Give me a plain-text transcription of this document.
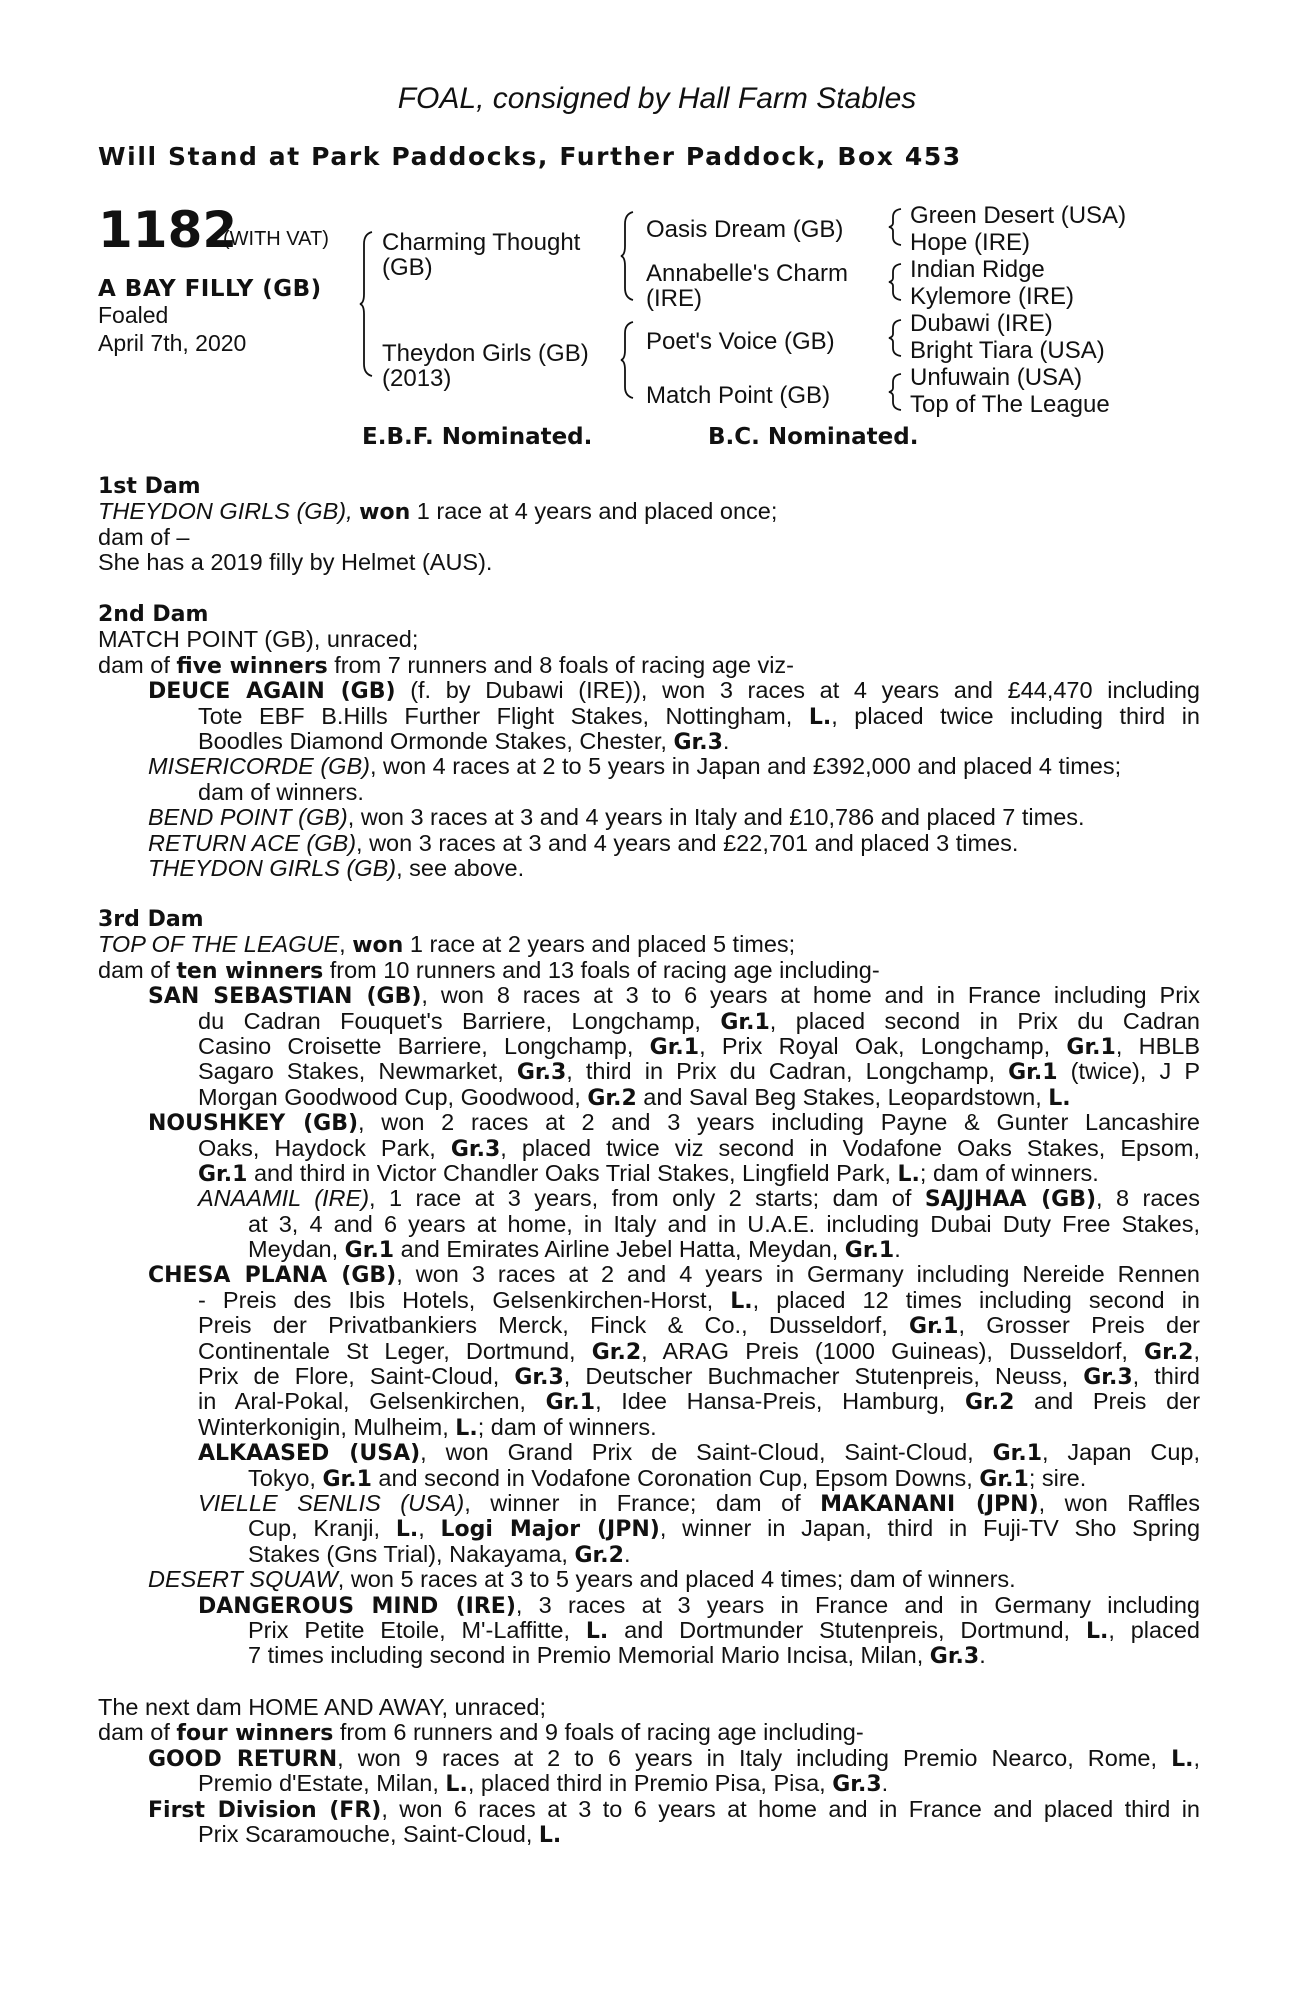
FOAL, consigned by Hall Farm Stables
Will Stand at Park Paddocks, Further Paddock, Box 453
1182
(WITH VAT)
A BAY FILLY (GB)
Foaled
April 7th, 2020
Charming Thought
(GB)
Theydon Girls (GB)
(2013)
Oasis Dream (GB)
Annabelle's Charm
(IRE)
Poet's Voice (GB)
Match Point (GB)
Green Desert (USA)
Hope (IRE)
Indian Ridge
Kylemore (IRE)
Dubawi (IRE)
Bright Tiara (USA)
Unfuwain (USA)
Top of The League
E.B.F. Nominated.	B.C. Nominated.
1st Dam
THEYDON GIRLS (GB), won 1 race at 4 years and placed once;
dam of –
She has a 2019 filly by Helmet (AUS).
2nd Dam
MATCH POINT (GB), unraced;
dam of five winners from 7 runners and 8 foals of racing age viz-
DEUCE AGAIN (GB) (f. by Dubawi (IRE)), won 3 races at 4 years and £44,470 including
Tote EBF B.Hills Further Flight Stakes, Nottingham, L., placed twice including third in
Boodles Diamond Ormonde Stakes, Chester, Gr.3.
MISERICORDE (GB), won 4 races at 2 to 5 years in Japan and £392,000 and placed 4 times;
dam of winners.
BEND POINT (GB), won 3 races at 3 and 4 years in Italy and £10,786 and placed 7 times.
RETURN ACE (GB), won 3 races at 3 and 4 years and £22,701 and placed 3 times.
THEYDON GIRLS (GB), see above.
3rd Dam
TOP OF THE LEAGUE, won 1 race at 2 years and placed 5 times;
dam of ten winners from 10 runners and 13 foals of racing age including-
SAN SEBASTIAN (GB), won 8 races at 3 to 6 years at home and in France including Prix
du Cadran Fouquet's Barriere, Longchamp, Gr.1, placed second in Prix du Cadran
Casino Croisette Barriere, Longchamp, Gr.1, Prix Royal Oak, Longchamp, Gr.1, HBLB
Sagaro Stakes, Newmarket, Gr.3, third in Prix du Cadran, Longchamp, Gr.1 (twice), J P
Morgan Goodwood Cup, Goodwood, Gr.2 and Saval Beg Stakes, Leopardstown, L.
NOUSHKEY (GB), won 2 races at 2 and 3 years including Payne & Gunter Lancashire
Oaks, Haydock Park, Gr.3, placed twice viz second in Vodafone Oaks Stakes, Epsom,
Gr.1 and third in Victor Chandler Oaks Trial Stakes, Lingfield Park, L.; dam of winners.
ANAAMIL (IRE), 1 race at 3 years, from only 2 starts; dam of SAJJHAA (GB), 8 races
at 3, 4 and 6 years at home, in Italy and in U.A.E. including Dubai Duty Free Stakes,
Meydan, Gr.1 and Emirates Airline Jebel Hatta, Meydan, Gr.1.
CHESA PLANA (GB), won 3 races at 2 and 4 years in Germany including Nereide Rennen
- Preis des Ibis Hotels, Gelsenkirchen-Horst, L., placed 12 times including second in
Preis der Privatbankiers Merck, Finck & Co., Dusseldorf, Gr.1, Grosser Preis der
Continentale St Leger, Dortmund, Gr.2, ARAG Preis (1000 Guineas), Dusseldorf, Gr.2,
Prix de Flore, Saint-Cloud, Gr.3, Deutscher Buchmacher Stutenpreis, Neuss, Gr.3, third
in Aral-Pokal, Gelsenkirchen, Gr.1, Idee Hansa-Preis, Hamburg, Gr.2 and Preis der
Winterkonigin, Mulheim, L.; dam of winners.
ALKAASED (USA), won Grand Prix de Saint-Cloud, Saint-Cloud, Gr.1, Japan Cup,
Tokyo, Gr.1 and second in Vodafone Coronation Cup, Epsom Downs, Gr.1; sire.
VIELLE SENLIS (USA), winner in France; dam of MAKANANI (JPN), won Raffles
Cup, Kranji, L., Logi Major (JPN), winner in Japan, third in Fuji-TV Sho Spring
Stakes (Gns Trial), Nakayama, Gr.2.
DESERT SQUAW, won 5 races at 3 to 5 years and placed 4 times; dam of winners.
DANGEROUS MIND (IRE), 3 races at 3 years in France and in Germany including
Prix Petite Etoile, M'-Laffitte, L. and Dortmunder Stutenpreis, Dortmund, L., placed
7 times including second in Premio Memorial Mario Incisa, Milan, Gr.3.
The next dam HOME AND AWAY, unraced;
dam of four winners from 6 runners and 9 foals of racing age including-
GOOD RETURN, won 9 races at 2 to 6 years in Italy including Premio Nearco, Rome, L.,
Premio d'Estate, Milan, L., placed third in Premio Pisa, Pisa, Gr.3.
First Division (FR), won 6 races at 3 to 6 years at home and in France and placed third in
Prix Scaramouche, Saint-Cloud, L.
